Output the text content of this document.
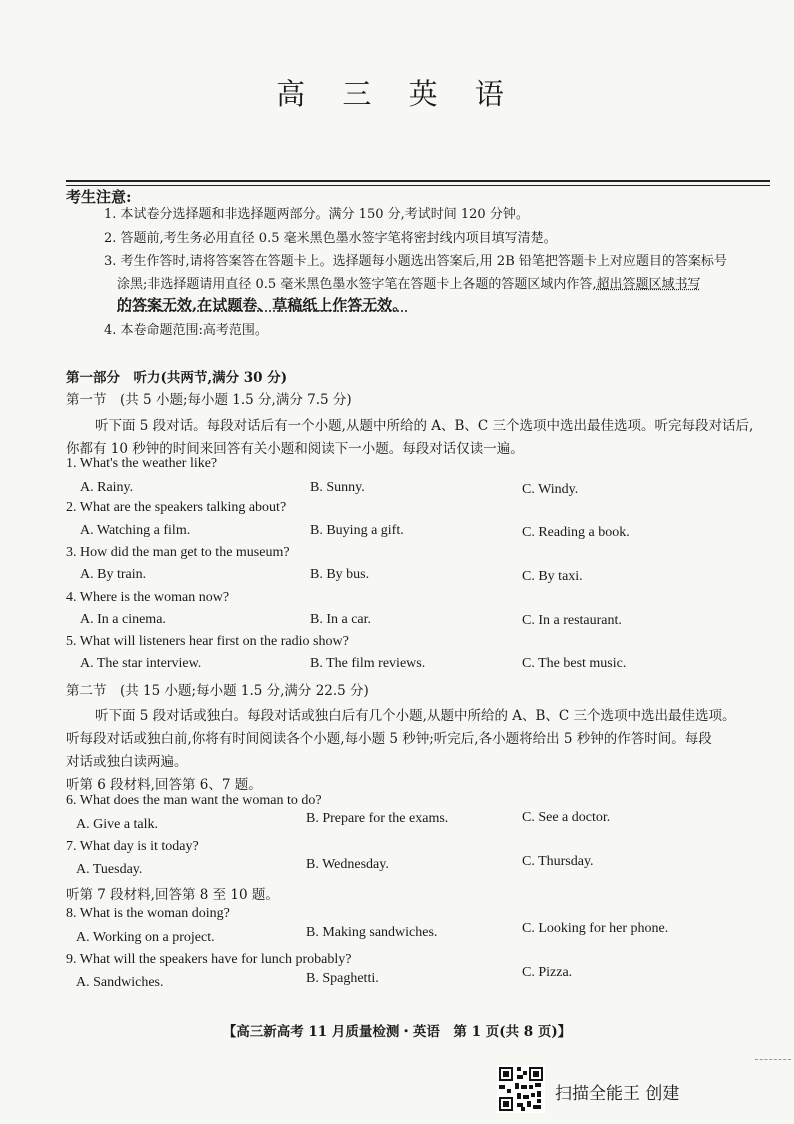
高 三 英 语
考生注意:
1. 本试卷分选择题和非选择题两部分。满分 150 分,考试时间 120 分钟。
2. 答题前,考生务必用直径 0.5 毫米黑色墨水签字笔将密封线内项目填写清楚。
3. 考生作答时,请将答案答在答题卡上。选择题每小题选出答案后,用 2B 铅笔把答题卡上对应题目的答案标号
涂黑;非选择题请用直径 0.5 毫米黑色墨水签字笔在答题卡上各题的答题区域内作答,超出答题区域书写
的答案无效,在试题卷、草稿纸上作答无效。
4. 本卷命题范围:高考范围。
第一部分　听力(共两节,满分 30 分)
第一节　(共 5 小题;每小题 1.5 分,满分 7.5 分)
听下面 5 段对话。每段对话后有一个小题,从题中所给的 A、B、C 三个选项中选出最佳选项。听完每段对话后,
你都有 10 秒钟的时间来回答有关小题和阅读下一小题。每段对话仅读一遍。
1. What's the weather like?
A. Rainy.	B. Sunny.	C. Windy.
2. What are the speakers talking about?
A. Watching a film.	B. Buying a gift.	C. Reading a book.
3. How did the man get to the museum?
A. By train.	B. By bus.	C. By taxi.
4. Where is the woman now?
A. In a cinema.	B. In a car.	C. In a restaurant.
5. What will listeners hear first on the radio show?
A. The star interview.	B. The film reviews.	C. The best music.
第二节　(共 15 小题;每小题 1.5 分,满分 22.5 分)
听下面 5 段对话或独白。每段对话或独白后有几个小题,从题中所给的 A、B、C 三个选项中选出最佳选项。
听每段对话或独白前,你将有时间阅读各个小题,每小题 5 秒钟;听完后,各小题将给出 5 秒钟的作答时间。每段
对话或独白读两遍。
听第 6 段材料,回答第 6、7 题。
6. What does the man want the woman to do?
A. Give a talk.	B. Prepare for the exams.	C. See a doctor.
7. What day is it today?
A. Tuesday.	B. Wednesday.	C. Thursday.
听第 7 段材料,回答第 8 至 10 题。
8. What is the woman doing?
A. Working on a project.	B. Making sandwiches.	C. Looking for her phone.
9. What will the speakers have for lunch probably?
A. Sandwiches.	B. Spaghetti.	C. Pizza.
【高三新高考 11 月质量检测・英语　第 1 页(共 8 页)】
扫描全能王 创建
